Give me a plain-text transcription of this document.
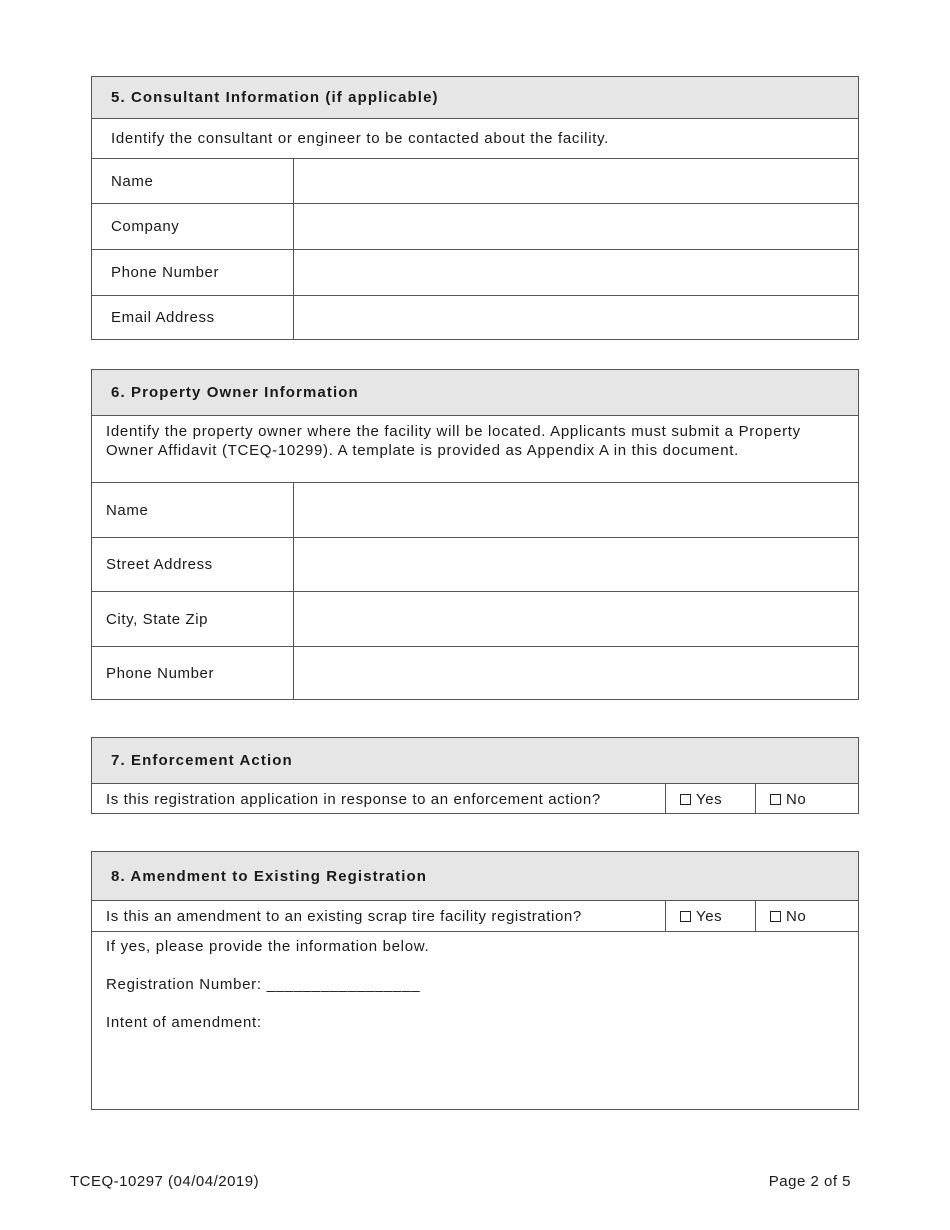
5. Consultant Information (if applicable)
Identify the consultant or engineer to be contacted about the facility.
Name
Company
Phone Number
Email Address
6. Property Owner Information
Identify the property owner where the facility will be located. Applicants must submit a Property Owner Affidavit (TCEQ-10299). A template is provided as Appendix A in this document.
Name
Street Address
City, State Zip
Phone Number
7. Enforcement Action
Is this registration application in response to an enforcement action?	Yes	No
8. Amendment to Existing Registration
Is this an amendment to an existing scrap tire facility registration?	Yes	No
If yes, please provide the information below.
Registration Number: _________________
Intent of amendment:
TCEQ-10297 (04/04/2019)	Page 2 of 5
